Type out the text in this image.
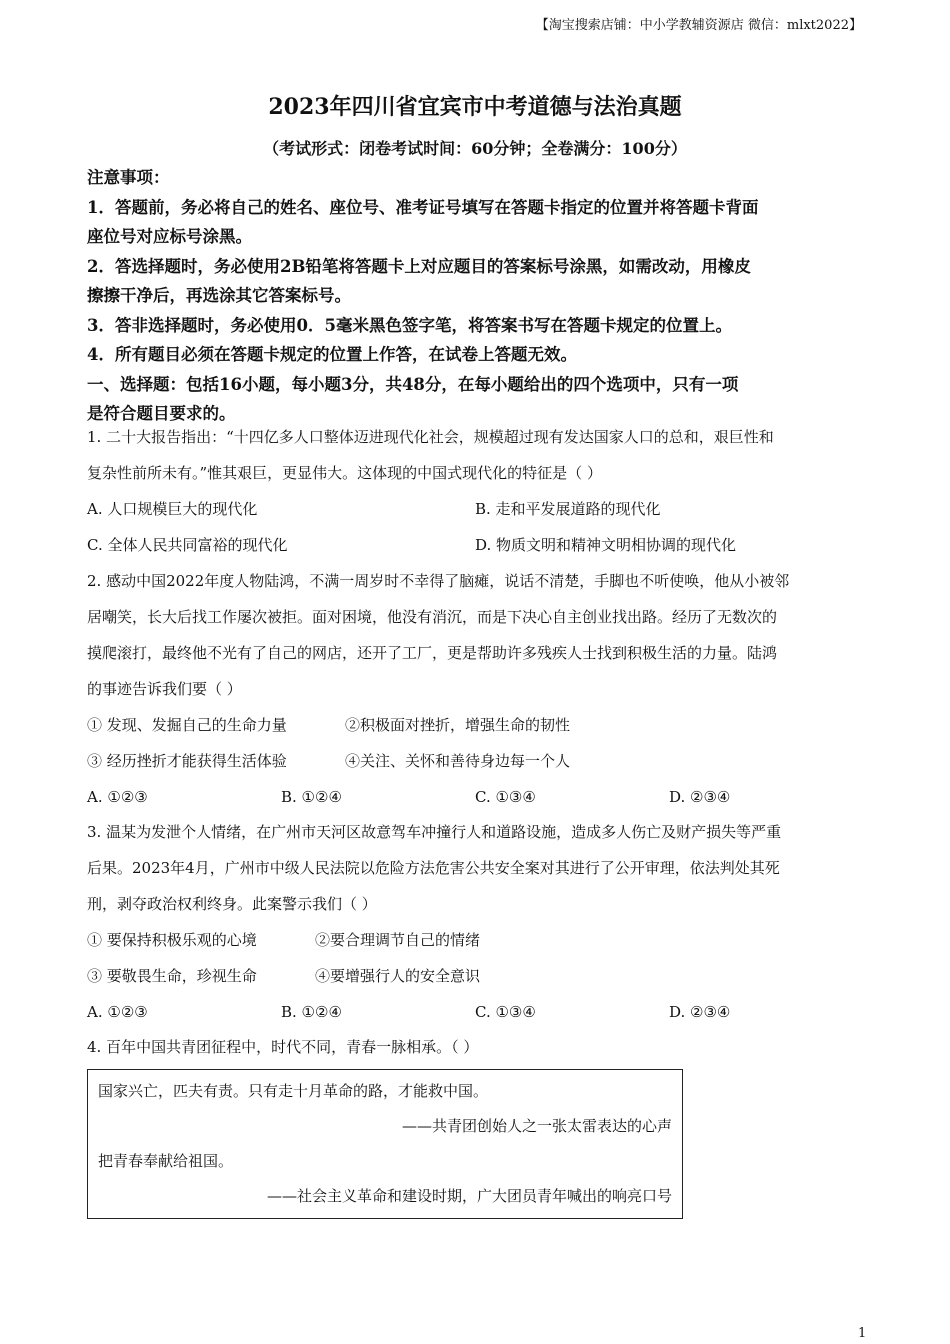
【淘宝搜索店铺：中小学教辅资源店 微信：mlxt2022】
2023年四川省宜宾市中考道德与法治真题
（考试形式：闭卷考试时间：60分钟；全卷满分：100分）
注意事项：
1．答题前，务必将自己的姓名、座位号、准考证号填写在答题卡指定的位置并将答题卡背面
座位号对应标号涂黑。
2．答选择题时，务必使用2B铅笔将答题卡上对应题目的答案标号涂黑，如需改动，用橡皮
擦擦干净后，再选涂其它答案标号。
3．答非选择题时，务必使用0．5毫米黑色签字笔，将答案书写在答题卡规定的位置上。
4．所有题目必须在答题卡规定的位置上作答，在试卷上答题无效。
一、选择题：包括16小题，每小题3分，共48分，在每小题给出的四个选项中，只有一项
是符合题目要求的。
1. 二十大报告指出：“十四亿多人口整体迈进现代化社会，规模超过现有发达国家人口的总和，艰巨性和
复杂性前所未有。”惟其艰巨，更显伟大。这体现的中国式现代化的特征是（ ）
A. 人口规模巨大的现代化	B. 走和平发展道路的现代化
C. 全体人民共同富裕的现代化	D. 物质文明和精神文明相协调的现代化
2. 感动中国2022年度人物陆鸿，不满一周岁时不幸得了脑瘫，说话不清楚，手脚也不听使唤，他从小被邻
居嘲笑，长大后找工作屡次被拒。面对困境，他没有消沉，而是下决心自主创业找出路。经历了无数次的
摸爬滚打，最终他不光有了自己的网店，还开了工厂，更是帮助许多残疾人士找到积极生活的力量。陆鸿
的事迹告诉我们要（ ）
① 发现、发掘自己的生命力量	②积极面对挫折，增强生命的韧性
③ 经历挫折才能获得生活体验	④关注、关怀和善待身边每一个人
A. ①②③	B. ①②④	C. ①③④	D. ②③④
3. 温某为发泄个人情绪，在广州市天河区故意驾车冲撞行人和道路设施，造成多人伤亡及财产损失等严重
后果。2023年4月，广州市中级人民法院以危险方法危害公共安全案对其进行了公开审理，依法判处其死
刑，剥夺政治权利终身。此案警示我们（ ）
① 要保持积极乐观的心境	②要合理调节自己的情绪
③ 要敬畏生命，珍视生命	④要增强行人的安全意识
A. ①②③	B. ①②④	C. ①③④	D. ②③④
4. 百年中国共青团征程中，时代不同，青春一脉相承。（ ）
国家兴亡，匹夫有责。只有走十月革命的路，才能救中国。
——共青团创始人之一张太雷表达的心声
把青春奉献给祖国。
——社会主义革命和建设时期，广大团员青年喊出的响亮口号
1
